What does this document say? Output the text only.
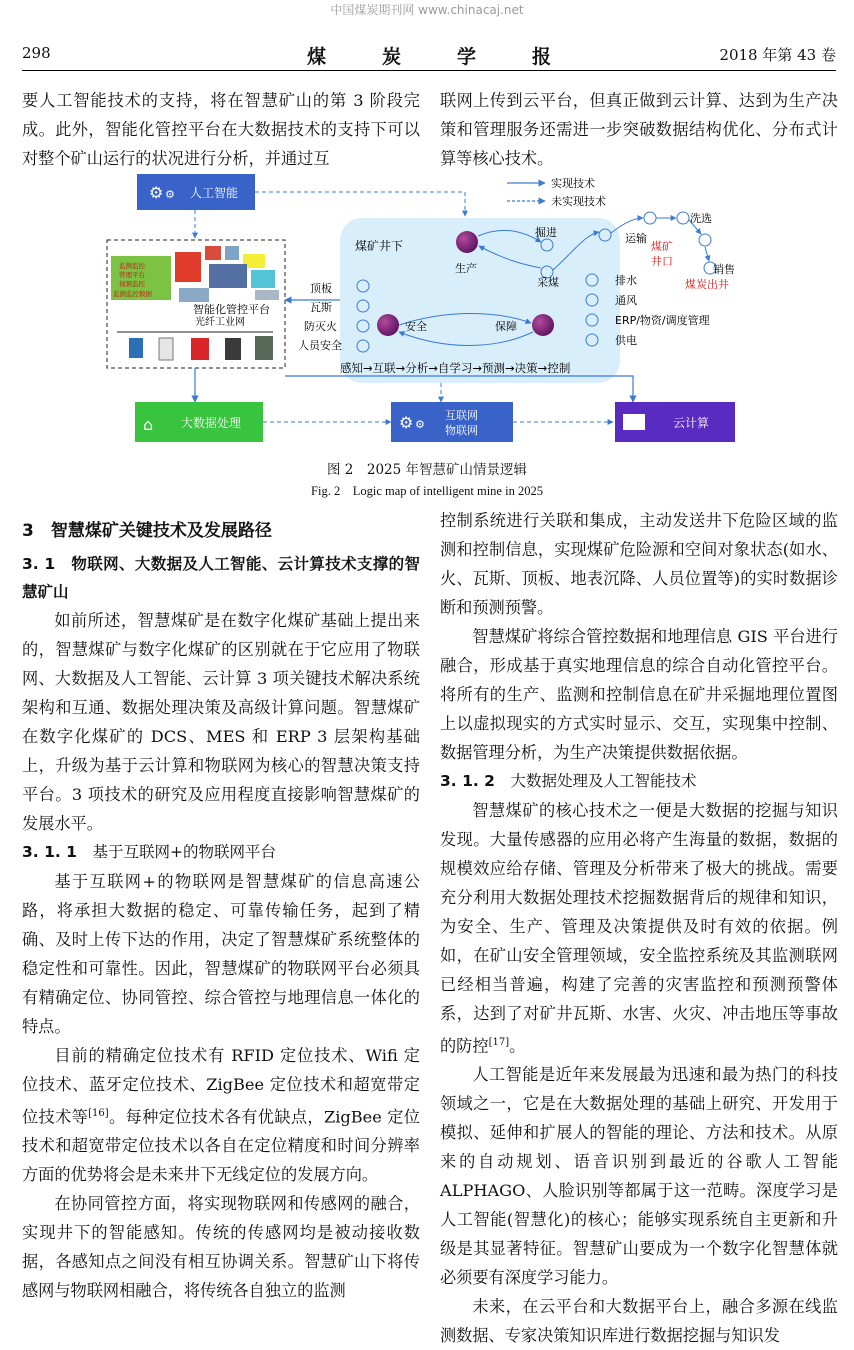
中国煤炭期刊网 www.chinacaj.net
298	煤炭学报	2018 年第 43 卷

要人工智能技术的支持，将在智慧矿山的第 3 阶段完成。此外，智能化管控平台在大数据技术的支持下可以对整个矿山运行的状况进行分析，并通过互

联网上传到云平台，但真正做到云计算、达到为生产决策和管理服务还需进一步突破数据结构优化、分布式计算等核心技术。

实现技术
未实现技术
⚙ ⚙ 人工智能
监测监控
管理平台
视频监控
监测监控数据
智能化管控平台
光纤工业网
煤矿井下
生产
安全	保障
掘进
采煤
运输
顶板
瓦斯
防灭火
人员安全
排水
通风
ERP/物资/调度管理
供电
感知→互联→分析→自学习→预测→决策→控制
洗选
销售
煤矿
井口
煤炭出井
⌂ 大数据处理	⚙ ⚙
互联网
物联网
云计算
图 2　2025 年智慧矿山情景逻辑
Fig. 2　Logic map of intelligent mine in 2025
3　智慧煤矿关键技术及发展路径
3. 1　物联网、大数据及人工智能、云计算技术支撑的智慧矿山

如前所述，智慧煤矿是在数字化煤矿基础上提出来的，智慧煤矿与数字化煤矿的区别就在于它应用了物联网、大数据及人工智能、云计算 3 项关键技术解决系统架构和互通、数据处理决策及高级计算问题。智慧煤矿在数字化煤矿的 DCS、MES 和 ERP 3 层架构基础上，升级为基于云计算和物联网为核心的智慧决策支持平台。3 项技术的研究及应用程度直接影响智慧煤矿的发展水平。

3. 1. 1　 基于互联网+的物联网平台

基于互联网+的物联网是智慧煤矿的信息高速公路，将承担大数据的稳定、可靠传输任务，起到了精确、及时上传下达的作用，决定了智慧煤矿系统整体的稳定性和可靠性。因此，智慧煤矿的物联网平台必须具有精确定位、协同管控、综合管控与地理信息一体化的特点。

目前的精确定位技术有 RFID 定位技术、Wifi 定位技术、蓝牙定位技术、ZigBee 定位技术和超宽带定位技术等[16]。每种定位技术各有优缺点，ZigBee 定位技术和超宽带定位技术以各自在定位精度和时间分辨率方面的优势将会是未来井下无线定位的发展方向。

在协同管控方面，将实现物联网和传感网的融合，实现井下的智能感知。传统的传感网均是被动接收数据，各感知点之间没有相互协调关系。智慧矿山下将传感网与物联网相融合，将传统各自独立的监测

控制系统进行关联和集成，主动发送井下危险区域的监测和控制信息，实现煤矿危险源和空间对象状态(如水、火、瓦斯、顶板、地表沉降、人员位置等)的实时数据诊断和预测预警。

智慧煤矿将综合管控数据和地理信息 GIS 平台进行融合，形成基于真实地理信息的综合自动化管控平台。将所有的生产、监测和控制信息在矿井采掘地理位置图上以虚拟现实的方式实时显示、交互，实现集中控制、数据管理分析，为生产决策提供数据依据。

3. 1. 2　 大数据处理及人工智能技术

智慧煤矿的核心技术之一便是大数据的挖掘与知识发现。大量传感器的应用必将产生海量的数据，数据的规模效应给存储、管理及分析带来了极大的挑战。需要充分利用大数据处理技术挖掘数据背后的规律和知识，为安全、生产、管理及决策提供及时有效的依据。例如，在矿山安全管理领域，安全监控系统及其监测联网已经相当普遍，构建了完善的灾害监控和预测预警体系，达到了对矿井瓦斯、水害、火灾、冲击地压等事故的防控[17]。

人工智能是近年来发展最为迅速和最为热门的科技领域之一，它是在大数据处理的基础上研究、开发用于模拟、延伸和扩展人的智能的理论、方法和技术。从原来的自动规划、语音识别到最近的谷歌人工智能 ALPHAGO、人脸识别等都属于这一范畴。深度学习是人工智能(智慧化)的核心；能够实现系统自主更新和升级是其显著特征。智慧矿山要成为一个数字化智慧体就必须要有深度学习能力。

未来，在云平台和大数据平台上，融合多源在线监测数据、专家决策知识库进行数据挖掘与知识发
